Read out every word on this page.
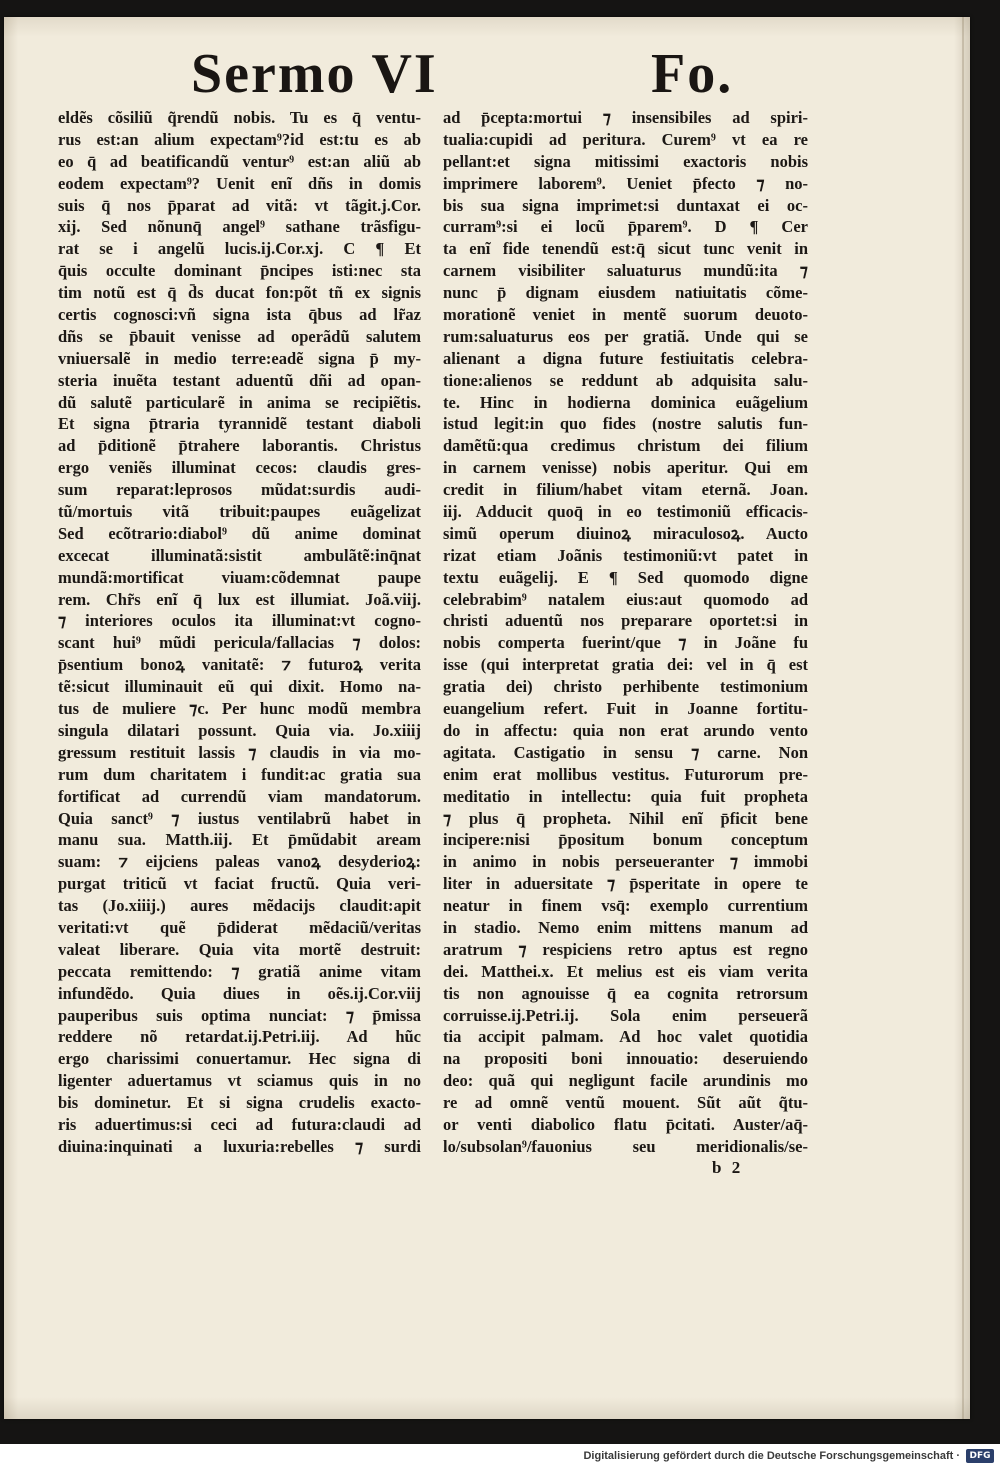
Sermo VI	Fo.
eldẽs cõsiliũ q̃rendũ nobis. Tu es q̄ ventu-
rus est:an alium expectam⁹?id est:tu es ab
eo q̄ ad beatificandũ ventur⁹ est:an aliũ ab
eodem expectam⁹? Uenit enĩ dñs in domis
suis q̄ nos p̄parat ad vitã: vt tãgit.j.Cor.
xij. Sed nõnunq̄ angel⁹ sathane trãsfigu-
rat se i angelũ lucis.ij.Cor.xj. C ¶ Et
q̄uis occulte dominant p̄ncipes isti:nec sta
tim notũ est q̄ d̄s ducat fon:põt tñ ex signis
certis cognosci:vñ signa ista q̄bus ad lr̃az
dñs se p̄bauit venisse ad operãdũ salutem
vniuersalẽ in medio terre:eadẽ signa p̄ my-
steria inuẽta testant aduentũ dñi ad opan-
dũ salutẽ particularẽ in anima se recipiẽtis.
Et signa p̄traria tyrannidẽ testant diaboli
ad p̄ditionẽ p̄trahere laborantis. Christus
ergo veniẽs illuminat cecos: claudis gres-
sum reparat:leprosos mũdat:surdis audi-
tũ/mortuis vitã tribuit:paupes euãgelizat
Sed ecõtrario:diabol⁹ dũ anime dominat
excecat illuminatã:sistit ambulãtẽ:inq̄nat
mundã:mortificat viuam:cõdemnat paupe
rem. Chr̃s enĩ q̄ lux est illumiat. Joã.viij.
⁊ interiores oculos ita illuminat:vt cogno-
scant hui⁹ mũdi pericula/fallacias ⁊ dolos:
p̄sentium bonoꝝ vanitatẽ: ⁊ futuroꝝ verita
tẽ:sicut illuminauit eũ qui dixit. Homo na-
tus de muliere ⁊c. Per hunc modũ membra
singula dilatari possunt. Quia via. Jo.xiiij
gressum restituit lassis ⁊ claudis in via mo-
rum dum charitatem i fundit:ac gratia sua
fortificat ad currendũ viam mandatorum.
Quia sanct⁹ ⁊ iustus ventilabrũ habet in
manu sua. Matth.iij. Et p̄mũdabit aream
suam: ⁊ eijciens paleas vanoꝝ desyderioꝝ:
purgat triticũ vt faciat fructũ. Quia veri-
tas (Jo.xiiij.) aures mẽdacijs claudit:apit
veritati:vt quẽ p̄diderat mẽdaciũ/veritas
valeat liberare. Quia vita mortẽ destruit:
peccata remittendo: ⁊ gratiã anime vitam
infundẽdo. Quia diues in oẽs.ij.Cor.viij
pauperibus suis optima nunciat: ⁊ p̄missa
reddere nõ retardat.ij.Petri.iij. Ad hũc
ergo charissimi conuertamur. Hec signa di
ligenter aduertamus vt sciamus quis in no
bis dominetur. Et si signa crudelis exacto-
ris aduertimus:si ceci ad futura:claudi ad
diuina:inquinati a luxuria:rebelles ⁊ surdi
ad p̄cepta:mortui ⁊ insensibiles ad spiri-
tualia:cupidi ad peritura. Curem⁹ vt ea re
pellant:et signa mitissimi exactoris nobis
imprimere laborem⁹. Ueniet p̄fecto ⁊ no-
bis sua signa imprimet:si duntaxat ei oc-
curram⁹:si ei locũ p̄parem⁹. D ¶ Cer
ta enĩ fide tenendũ est:q̄ sicut tunc venit in
carnem visibiliter saluaturus mundũ:ita ⁊
nunc p̄ dignam eiusdem natiuitatis cõme-
morationẽ veniet in mentẽ suorum deuoto-
rum:saluaturus eos per gratiã. Unde qui se
alienant a digna future festiuitatis celebra-
tione:alienos se reddunt ab adquisita salu-
te. Hinc in hodierna dominica euãgelium
istud legit:in quo fides (nostre salutis fun-
damẽtũ:qua credimus christum dei filium
in carnem venisse) nobis aperitur. Qui em
credit in filium/habet vitam eternã. Joan.
iij. Adducit quoq̄ in eo testimoniũ efficacis-
simũ operum diuinoꝝ miraculosoꝝ. Aucto
rizat etiam Joãnis testimoniũ:vt patet in
textu euãgelij. E ¶ Sed quomodo digne
celebrabim⁹ natalem eius:aut quomodo ad
christi aduentũ nos preparare oportet:si in
nobis comperta fuerint/que ⁊ in Joãne fu
isse (qui interpretat gratia dei: vel in q̄ est
gratia dei) christo perhibente testimonium
euangelium refert. Fuit in Joanne fortitu-
do in affectu: quia non erat arundo vento
agitata. Castigatio in sensu ⁊ carne. Non
enim erat mollibus vestitus. Futurorum pre-
meditatio in intellectu: quia fuit propheta
⁊ plus q̄ propheta. Nihil enĩ p̄ficit bene
incipere:nisi p̄positum bonum conceptum
in animo in nobis perseueranter ⁊ immobi
liter in aduersitate ⁊ p̄speritate in opere te
neatur in finem vsq̄: exemplo currentium
in stadio. Nemo enim mittens manum ad
aratrum ⁊ respiciens retro aptus est regno
dei. Matthei.x. Et melius est eis viam verita
tis non agnouisse q̄ ea cognita retrorsum
corruisse.ij.Petri.ij. Sola enim perseuerã
tia accipit palmam. Ad hoc valet quotidia
na propositi boni innouatio: deseruiendo
deo: quã qui negligunt facile arundinis mo
re ad omnẽ ventũ mouent. Sũt aũt q̃tu-
or venti diabolico flatu p̄citati. Auster/aq̄-
lo/subsolan⁹/fauonius seu meridionalis/se-
b 2
Digitalisierung gefördert durch die Deutsche Forschungsgemeinschaft ·	DFG
